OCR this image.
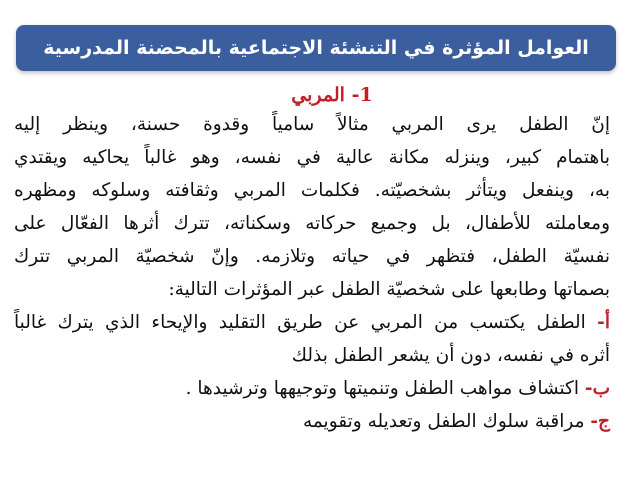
العوامل المؤثرة في التنشئة الاجتماعية بالمحضنة المدرسية
1- المربي
إنّ الطفل يرى المربي مثالاً سامياً وقدوة حسنة، وينظر إليه
باهتمام كبير، وينزله مكانة عالية في نفسه، وهو غالباً يحاكيه ويقتدي
به، وينفعل ويتأثر بشخصيّته. فكلمات المربي وثقافته وسلوكه ومظهره
ومعاملته للأطفال، بل وجميع حركاته وسكناته، تترك أثرها الفعّال على
نفسيّة الطفل، فتظهر في حياته وتلازمه. وإنّ شخصيّة المربي تترك
بصماتها وطابعها على شخصيّة الطفل عبر المؤثرات التالية:
أ- الطفل يكتسب من المربي عن طريق التقليد والإيحاء الذي يترك غالباً
أثره في نفسه، دون أن يشعر الطفل بذلك
ب- اكتشاف مواهب الطفل وتنميتها وتوجيهها وترشيدها .
ج- مراقبة سلوك الطفل وتعديله وتقويمه
